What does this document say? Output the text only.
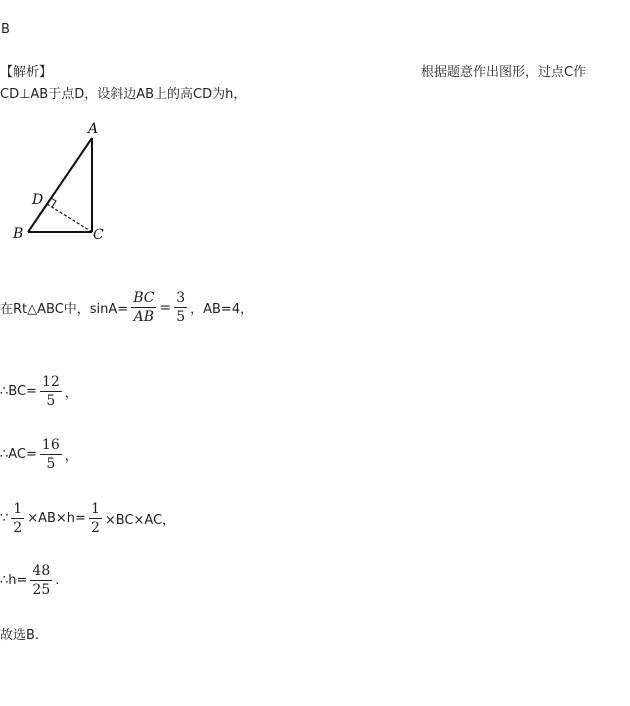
B
【解析】	根据题意作出图形，过点C作
CD⊥AB于点D，设斜边AB上的高CD为h，
A
B	C
D
在Rt△ABC中，$\sin A= \frac{BC}{AB} = \frac{3}{5}$ ，AB=4，
∴BC= $\frac{12}{5}$ ，
∴AC= $\frac{16}{5}$ ，
∵ $\frac{1}{2} \times AB\times h= \frac{1}{2} \times BC\times AC$，
∴h= $\frac{48}{25}$ .
故选B.
